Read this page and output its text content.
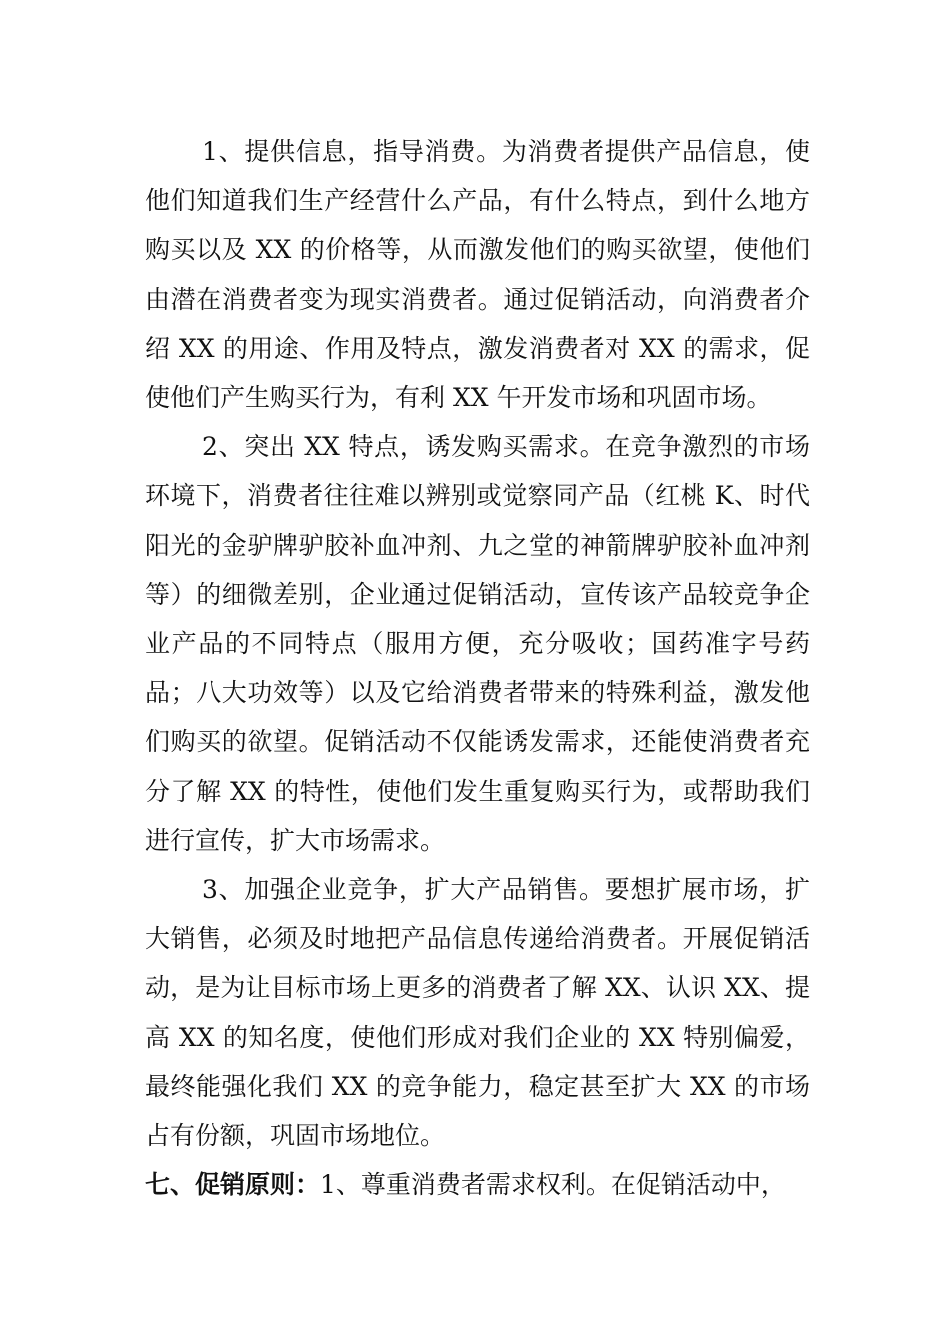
1、提供信息，指导消费。为消费者提供产品信息，使他们知道我们生产经营什么产品，有什么特点，到什么地方购买以及 XX 的价格等，从而激发他们的购买欲望，使他们由潜在消费者变为现实消费者。通过促销活动，向消费者介绍 XX 的用途、作用及特点，激发消费者对 XX 的需求，促使他们产生购买行为，有利 XX 午开发市场和巩固市场。

2、突出 XX 特点，诱发购买需求。在竞争激烈的市场环境下，消费者往往难以辨别或觉察同产品（红桃 K、时代阳光的金驴牌驴胶补血冲剂、九之堂的神箭牌驴胶补血冲剂等）的细微差别，企业通过促销活动，宣传该产品较竞争企业产品的不同特点（服用方便，充分吸收；国药准字号药品；八大功效等）以及它给消费者带来的特殊利益，激发他们购买的欲望。促销活动不仅能诱发需求，还能使消费者充分了解 XX 的特性，使他们发生重复购买行为，或帮助我们进行宣传，扩大市场需求。

3、加强企业竞争，扩大产品销售。要想扩展市场，扩大销售，必须及时地把产品信息传递给消费者。开展促销活动，是为让目标市场上更多的消费者了解 XX、认识 XX、提高 XX 的知名度，使他们形成对我们企业的 XX 特别偏爱，最终能强化我们 XX 的竞争能力，稳定甚至扩大 XX 的市场占有份额，巩固市场地位。

七、促销原则：1、尊重消费者需求权利。在促销活动中，
